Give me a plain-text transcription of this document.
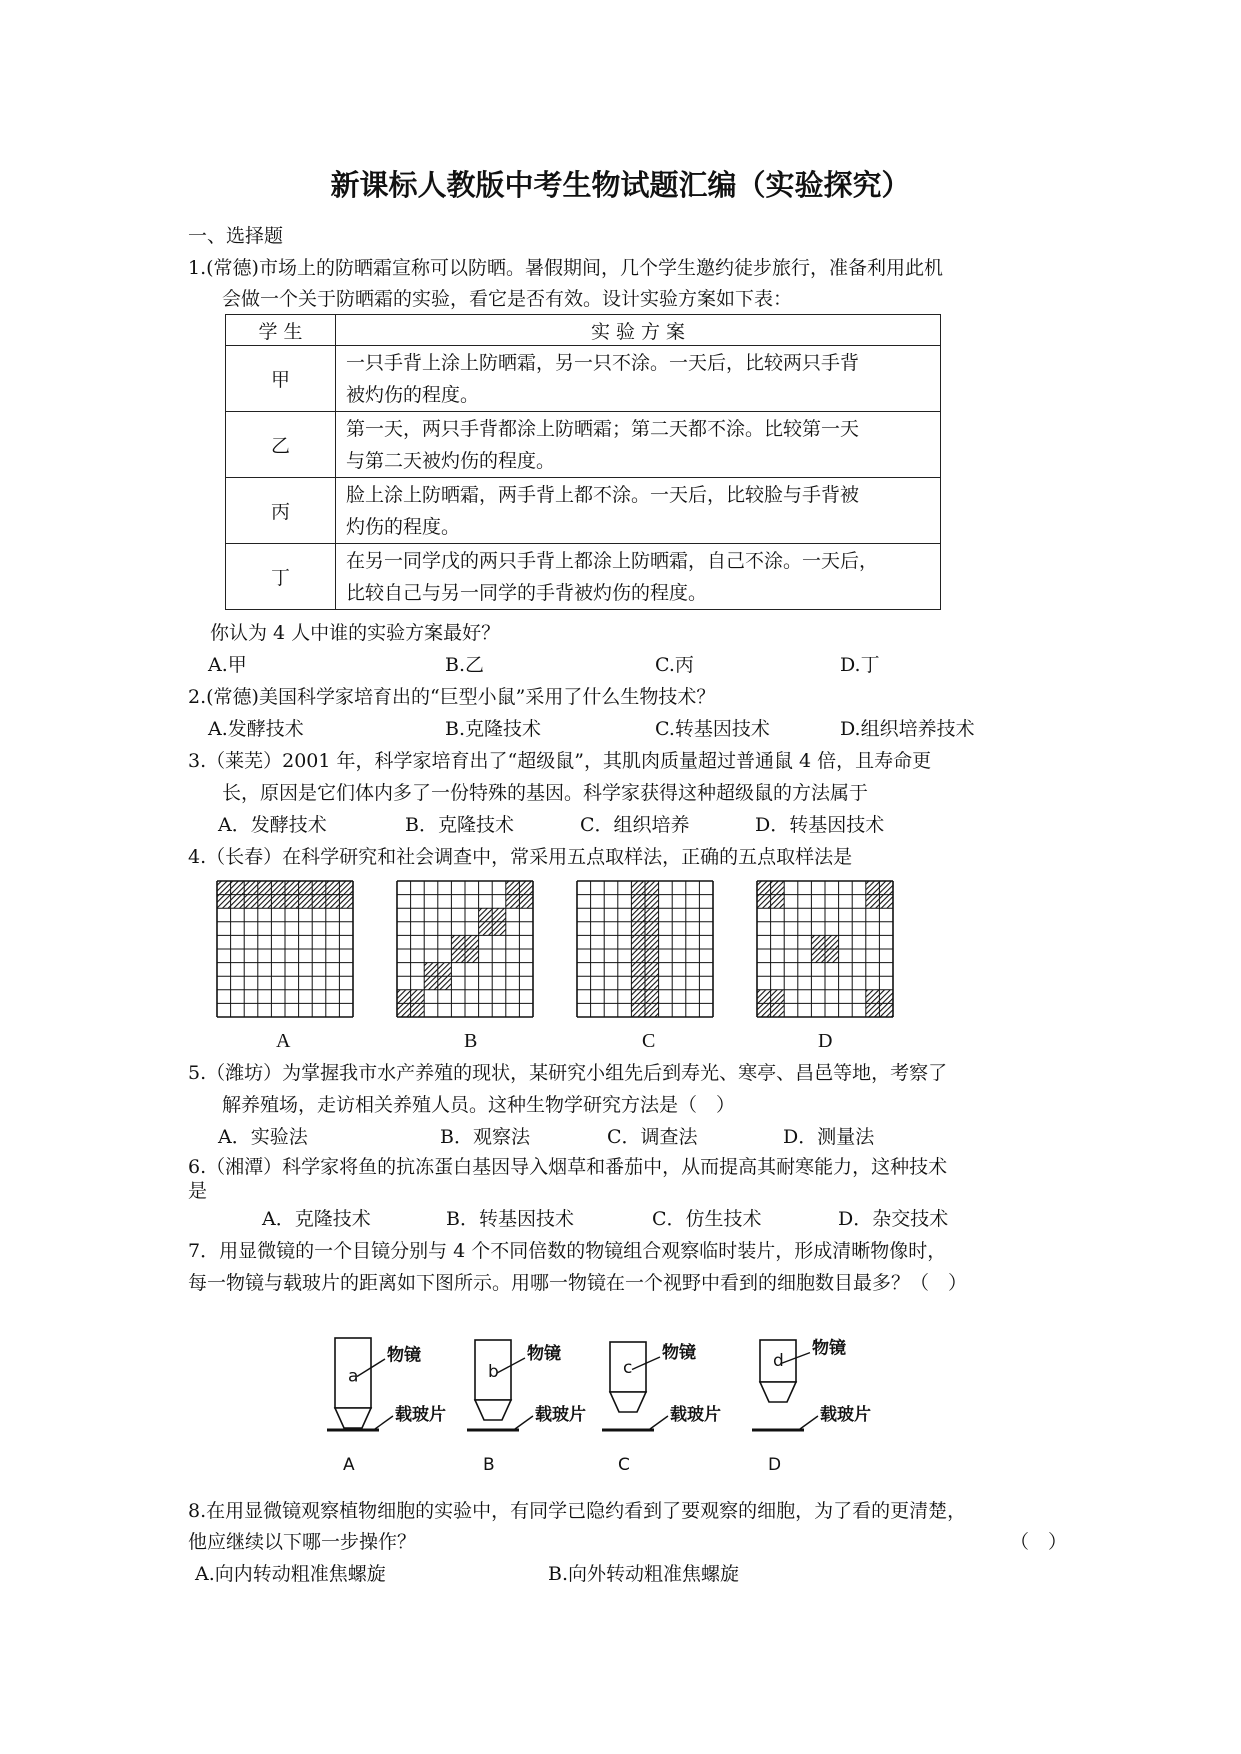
新课标人教版中考生物试题汇编（实验探究）
一、选择题
1.(常德)市场上的防晒霜宣称可以防晒。暑假期间，几个学生邀约徒步旅行，准备利用此机
会做一个关于防晒霜的实验，看它是否有效。设计实验方案如下表：
学 生	实 验 方 案
甲	一只手背上涂上防晒霜，另一只不涂。一天后，比较两只手背
被灼伤的程度。
乙	第一天，两只手背都涂上防晒霜；第二天都不涂。比较第一天
与第二天被灼伤的程度。
丙	脸上涂上防晒霜，两手背上都不涂。一天后，比较脸与手背被
灼伤的程度。
丁	在另一同学戊的两只手背上都涂上防晒霜，自己不涂。一天后，
比较自己与另一同学的手背被灼伤的程度。
你认为 4 人中谁的实验方案最好？
A.甲	B.乙	C.丙	D.丁
2.(常德)美国科学家培育出的“巨型小鼠”采用了什么生物技术？
A.发酵技术	B.克隆技术	C.转基因技术	D.组织培养技术
3.（莱芜）2001 年，科学家培育出了“超级鼠”，其肌肉质量超过普通鼠 4 倍，且寿命更
长，原因是它们体内多了一份特殊的基因。科学家获得这种超级鼠的方法属于
A．发酵技术	B．克隆技术	C．组织培养	D．转基因技术
4.（长春）在科学研究和社会调查中，常采用五点取样法，正确的五点取样法是
A	B	C	D
5.（潍坊）为掌握我市水产养殖的现状，某研究小组先后到寿光、寒亭、昌邑等地，考察了
解养殖场，走访相关养殖人员。这种生物学研究方法是（　）
A．实验法	B．观察法	C．调查法	D．测量法
6.（湘潭）科学家将鱼的抗冻蛋白基因导入烟草和番茄中，从而提高其耐寒能力，这种技术
是
A．克隆技术	B．转基因技术	C．仿生技术	D．杂交技术
7．用显微镜的一个目镜分别与 4 个不同倍数的物镜组合观察临时装片，形成清晰物像时，
每一物镜与载玻片的距离如下图所示。用哪一物镜在一个视野中看到的细胞数目最多？（　）
a
物镜
载玻片
A
b
物镜
载玻片
B
c
物镜
载玻片
C
d
物镜
载玻片
D
8.在用显微镜观察植物细胞的实验中，有同学已隐约看到了要观察的细胞，为了看的更清楚，
他应继续以下哪一步操作？	（　）
A.向内转动粗准焦螺旋	B.向外转动粗准焦螺旋
